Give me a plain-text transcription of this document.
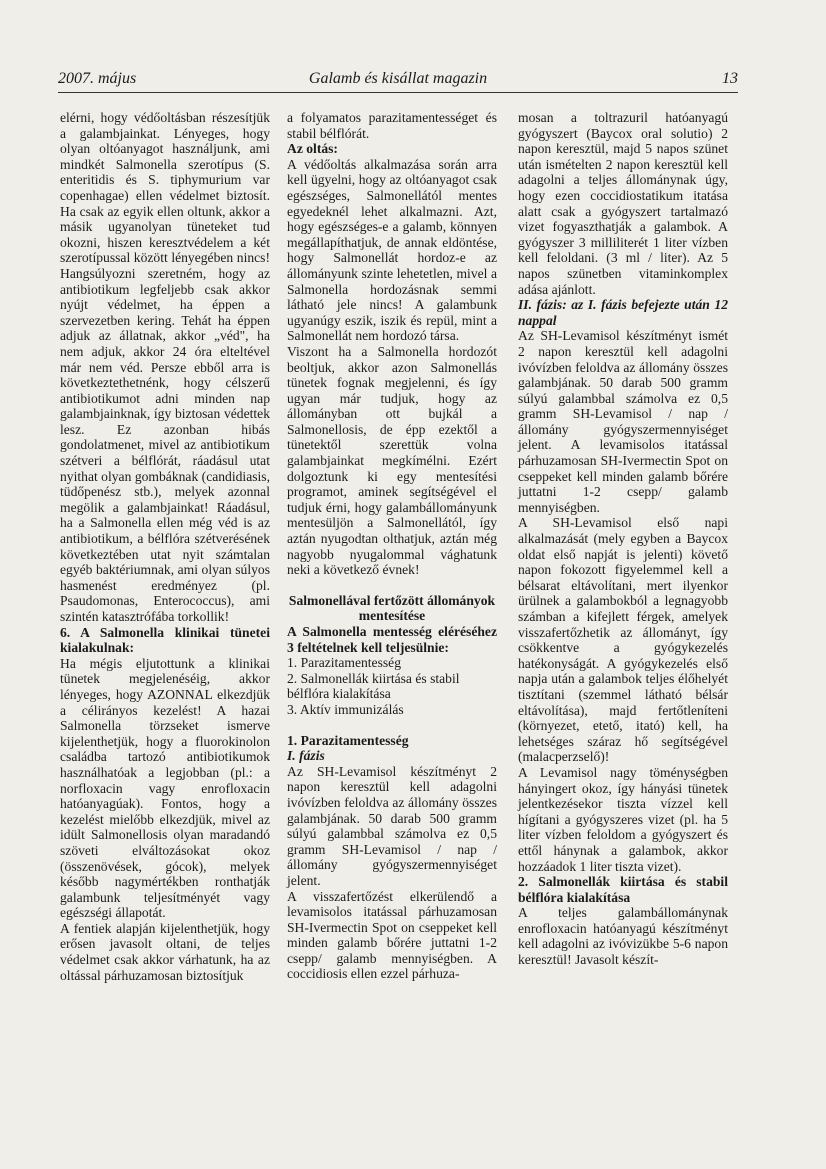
2007. május	Galamb és kisállat magazin	13

elérni, hogy védőoltásban részesítjük a galambjainkat. Lényeges, hogy olyan oltóanyagot használjunk, ami mindkét Salmonella szerotípus (S. enteritidis és S. tiphymurium var copenhagae) ellen védelmet biztosít. Ha csak az egyik ellen oltunk, akkor a másik ugyanolyan tüneteket tud okozni, hiszen keresztvédelem a két szerotípussal között lényegében nincs! Hangsúlyozni szeretném, hogy az antibiotikum legfeljebb csak akkor nyújt védelmet, ha éppen a szervezetben kering. Tehát ha éppen adjuk az állatnak, akkor „véd", ha nem adjuk, akkor 24 óra elteltével már nem véd. Persze ebből arra is következtethetnénk, hogy célszerű antibiotikumot adni minden nap galambjainknak, így biztosan védettek lesz. Ez azonban hibás gondolatmenet, mivel az antibiotikum szétveri a bélflórát, ráadásul utat nyithat olyan gombáknak (candidiasis, tüdőpenész stb.), melyek azonnal megölik a galambjainkat! Ráadásul, ha a Salmonella ellen még véd is az antibiotikum, a bélflóra szétverésének következtében utat nyit számtalan egyéb baktériumnak, ami olyan súlyos hasmenést eredményez (pl. Psaudomonas, Enterococcus), ami szintén katasztrófába torkollik!

6. A Salmonella klinikai tünetei kialakulnak:

Ha mégis eljutottunk a klinikai tünetek megjelenéséig, akkor lényeges, hogy AZONNAL elkezdjük a célirányos kezelést! A hazai Salmonella törzseket ismerve kijelenthetjük, hogy a fluorokinolon családba tartozó antibiotikumok használhatóak a legjobban (pl.: a norfloxacin vagy enrofloxacin hatóanyagúak). Fontos, hogy a kezelést mielőbb elkezdjük, mivel az idült Salmonellosis olyan maradandó szöveti elváltozásokat okoz (összenövések, gócok), melyek később nagymértékben ronthatják galambunk teljesítményét vagy egészségi állapotát.

A fentiek alapján kijelenthetjük, hogy erősen javasolt oltani, de teljes védelmet csak akkor várhatunk, ha az oltással párhuzamosan biztosítjuk

a folyamatos parazitamentességet és stabil bélflórát.

Az oltás:

A védőoltás alkalmazása során arra kell ügyelni, hogy az oltóanyagot csak egészséges, Salmonellától mentes egyedeknél lehet alkalmazni. Azt, hogy egészséges-e a galamb, könnyen megállapíthatjuk, de annak eldöntése, hogy Salmonellát hordoz-e az állományunk szinte lehetetlen, mivel a Salmonella hordozásnak semmi látható jele nincs! A galambunk ugyanúgy eszik, iszik és repül, mint a Salmonellát nem hordozó társa.

Viszont ha a Salmonella hordozót beoltjuk, akkor azon Salmonellás tünetek fognak megjelenni, és így ugyan már tudjuk, hogy az állományban ott bujkál a Salmonellosis, de épp ezektől a tünetektől szerettük volna galambjainkat megkímélni. Ezért dolgoztunk ki egy mentesítési programot, aminek segítségével el tudjuk érni, hogy galambállományunk mentesüljön a Salmonellától, így aztán nyugodtan olthatjuk, aztán még nagyobb nyugalommal vághatunk neki a következő évnek!

Salmonellával fertőzött állományok mentesítése

A Salmonella mentesség eléréséhez 3 feltételnek kell teljesülnie:

1. Parazitamentesség
2. Salmonellák kiirtása és stabil bélflóra kialakítása
3. Aktív immunizálás

1. Parazitamentesség

I. fázis

Az SH-Levamisol készítményt 2 napon keresztül kell adagolni ivóvízben feloldva az állomány összes galambjának. 50 darab 500 gramm súlyú galambbal számolva ez 0,5 gramm SH-Levamisol / nap / állomány gyógyszermennyiséget jelent.

A visszafertőzést elkerülendő a levamisolos itatással párhuzamosan SH-Ivermectin Spot on cseppeket kell minden galamb bőrére juttatni 1-2 csepp/ galamb mennyiségben. A coccidiosis ellen ezzel párhuza-

mosan a toltrazuril hatóanyagú gyógyszert (Baycox oral solutio) 2 napon keresztül, majd 5 napos szünet után ismételten 2 napon keresztül kell adagolni a teljes állománynak úgy, hogy ezen coccidiostatikum itatása alatt csak a gyógyszert tartalmazó vizet fogyaszthatják a galambok. A gyógyszer 3 milliliterét 1 liter vízben kell feloldani. (3 ml / liter). Az 5 napos szünetben vitaminkomplex adása ajánlott.

II. fázis: az I. fázis befejezte után 12 nappal

Az SH-Levamisol készítményt ismét 2 napon keresztül kell adagolni ivóvízben feloldva az állomány összes galambjának. 50 darab 500 gramm súlyú galambbal számolva ez 0,5 gramm SH-Levamisol / nap / állomány gyógyszermennyiséget jelent. A levamisolos itatással párhuzamosan SH-Ivermectin Spot on cseppeket kell minden galamb bőrére juttatni 1-2 csepp/ galamb mennyiségben.

A SH-Levamisol első napi alkalmazását (mely egyben a Baycox oldat első napját is jelenti) követő napon fokozott figyelemmel kell a bélsarat eltávolítani, mert ilyenkor ürülnek a galambokból a legnagyobb számban a kifejlett férgek, amelyek visszafertőzhetik az állományt, így csökkentve a gyógykezelés hatékonyságát. A gyógykezelés első napja után a galambok teljes élőhelyét tisztítani (szemmel látható bélsár eltávolítása), majd fertőtleníteni (környezet, etető, itató) kell, ha lehetséges száraz hő segítségével (malacperzselő)!

A Levamisol nagy töménységben hányingert okoz, így hányási tünetek jelentkezésekor tiszta vízzel kell hígítani a gyógyszeres vizet (pl. ha 5 liter vízben feloldom a gyógyszert és ettől hánynak a galambok, akkor hozzáadok 1 liter tiszta vizet).

2. Salmonellák kiirtása és stabil bélflóra kialakítása

A teljes galambállománynak enrofloxacin hatóanyagú készítményt kell adagolni az ivóvizükbe 5-6 napon keresztül! Javasolt készít-
